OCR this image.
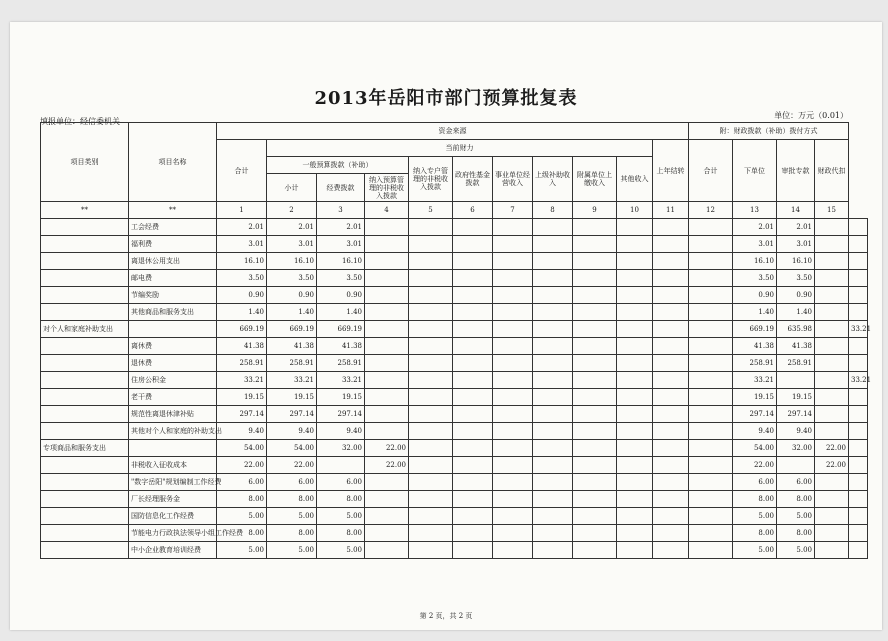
2013年岳阳市部门预算批复表
填报单位：经信委机关
单位：万元（0.01）
项目类别	项目名称	资金来源											附：财政拨款（补助）拨付方式				
		合计	当前财力									上年结转	合计	下单位	审批专款	财政代扣	
			一般预算拨款（补助）			纳入专户管理的非税收入拨款	政府性基金拨款	事业单位经营收入	上级补助收入	附属单位上缴收入	其他收入						
			小计	经费拨款	纳入预算管理的非税收入拨款												
**	**	1	2	3	4	5	6	7	8	9	10	11	12	13	14	15	
	工会经费	2.01	2.01	2.01										2.01	2.01		
	福利费	3.01	3.01	3.01										3.01	3.01		
	离退休公用支出	16.10	16.10	16.10										16.10	16.10		
	邮电费	3.50	3.50	3.50										3.50	3.50		
	节编奖励	0.90	0.90	0.90										0.90	0.90		
	其他商品和服务支出	1.40	1.40	1.40										1.40	1.40		
对个人和家庭补助支出		669.19	669.19	669.19										669.19	635.98		33.21
	离休费	41.38	41.38	41.38										41.38	41.38		
	退休费	258.91	258.91	258.91										258.91	258.91		
	住房公积金	33.21	33.21	33.21										33.21			33.21
	老干费	19.15	19.15	19.15										19.15	19.15		
	规范性离退休津补贴	297.14	297.14	297.14										297.14	297.14		
	其他对个人和家庭的补助支出	9.40	9.40	9.40										9.40	9.40		
专项商品和服务支出		54.00	54.00	32.00	22.00									54.00	32.00	22.00	
	非税收入征收成本	22.00	22.00		22.00									22.00		22.00	
	"数字岳阳"规划编制工作经费	6.00	6.00	6.00										6.00	6.00		
	厂长经理服务金	8.00	8.00	8.00										8.00	8.00		
	国防信息化工作经费	5.00	5.00	5.00										5.00	5.00		
	节能电力行政执法领导小组工作经费	8.00	8.00	8.00										8.00	8.00		
	中小企业教育培训经费	5.00	5.00	5.00										5.00	5.00		
第 2 页，共 2 页
